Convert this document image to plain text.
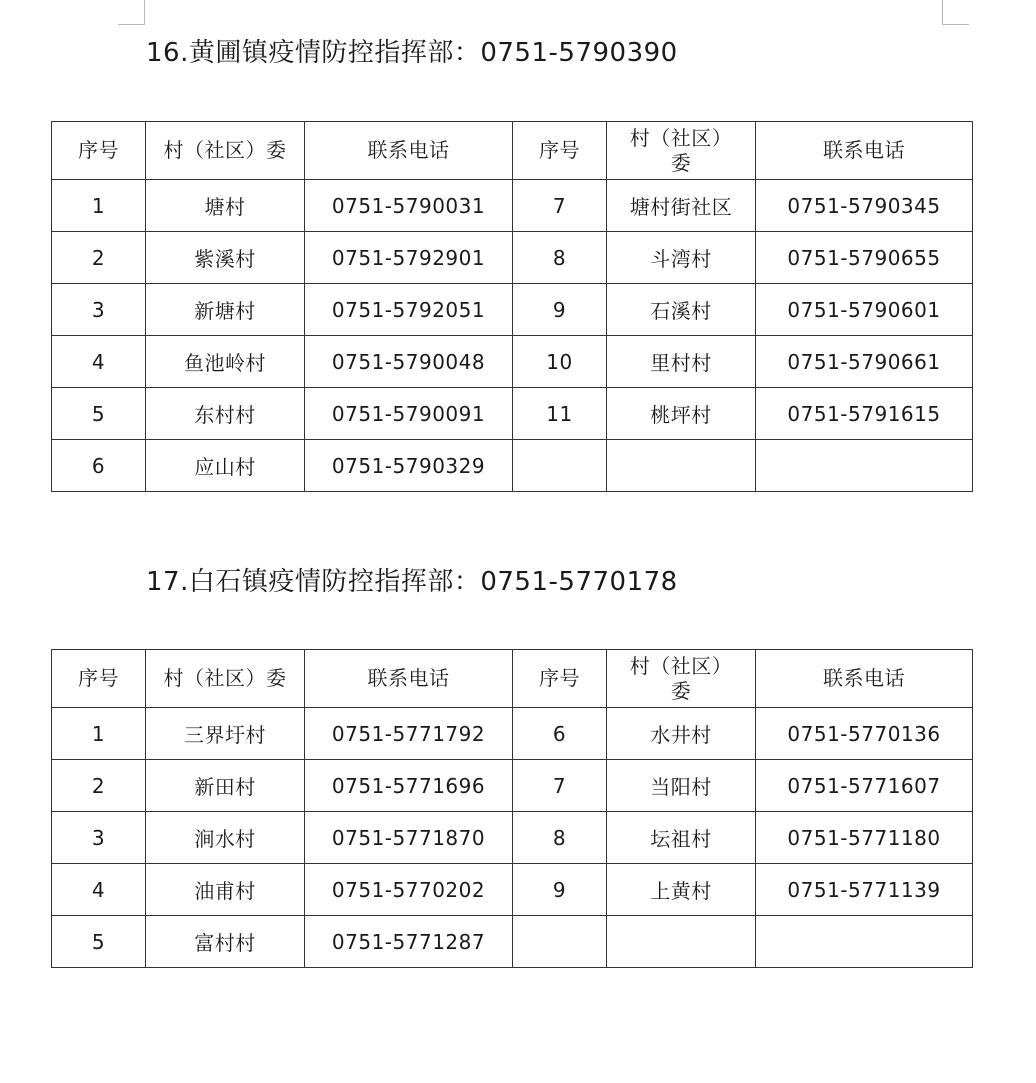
16.黄圃镇疫情防控指挥部：0751-5790390
序号	村（社区）委	联系电话	序号	村（社区）委	联系电话
1	塘村	0751-5790031	7	塘村街社区	0751-5790345
2	紫溪村	0751-5792901	8	斗湾村	0751-5790655
3	新塘村	0751-5792051	9	石溪村	0751-5790601
4	鱼池岭村	0751-5790048	10	里村村	0751-5790661
5	东村村	0751-5790091	11	桃坪村	0751-5791615
6	应山村	0751-5790329			
17.白石镇疫情防控指挥部：0751-5770178
序号	村（社区）委	联系电话	序号	村（社区）委	联系电话
1	三界圩村	0751-5771792	6	水井村	0751-5770136
2	新田村	0751-5771696	7	当阳村	0751-5771607
3	涧水村	0751-5771870	8	坛祖村	0751-5771180
4	油甫村	0751-5770202	9	上黄村	0751-5771139
5	富村村	0751-5771287			
